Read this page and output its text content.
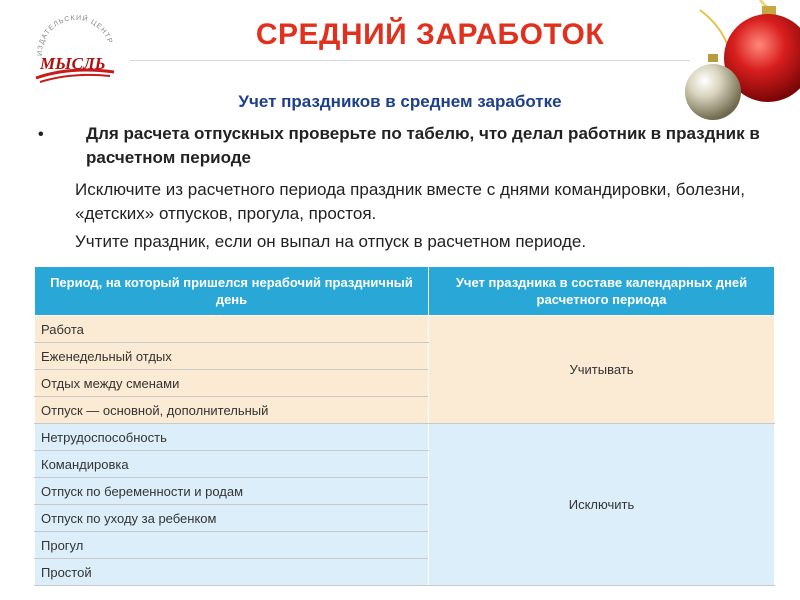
ИЗДАТЕЛЬСКИЙ ЦЕНТР
МЫСЛЬ
СРЕДНИЙ ЗАРАБОТОК
Учет праздников в среднем заработке
• Для расчета отпускных проверьте по табелю, что делал работник в праздник в расчетном периоде
Исключите из расчетного периода праздник вместе с днями командировки, болезни, «детских» отпусков, прогула, простоя.
Учтите праздник, если он выпал на отпуск в расчетном периоде.
Период, на который пришелся нерабочий праздничный день	Учет праздника в составе календарных дней расчетного периода
Работа	Учитывать
Еженедельный отдых	
Отдых между сменами	
Отпуск — основной, дополнительный	
Нетрудоспособность	Исключить
Командировка	
Отпуск по беременности и родам	
Отпуск по уходу за ребенком	
Прогул	
Простой	
